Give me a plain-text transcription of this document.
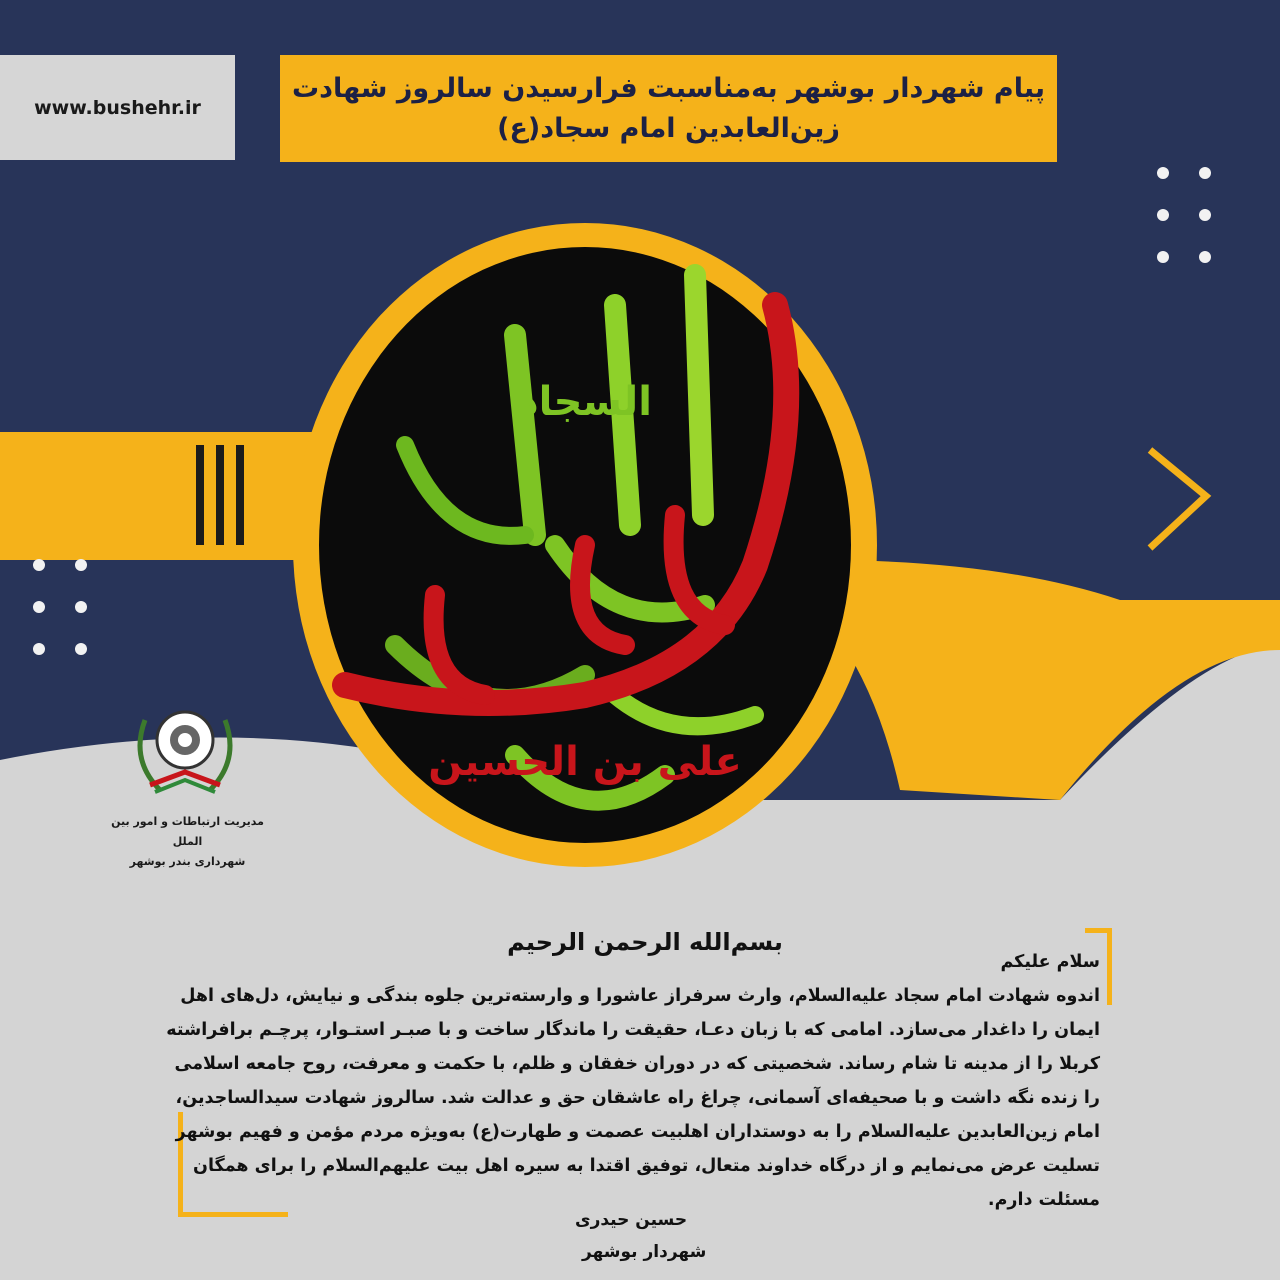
www.bushehr.ir
پیام شهردار بوشهر به‌مناسبت فرارسیدن سالروز شهادت
زین‌العابدین امام سجاد(ع)
السجاد
علی بن الحسین
مدیریت ارتباطات و امور بین الملل
شهرداری بندر بوشهر
بسم‌الله الرحمن الرحیم
سلام علیکم
اندوه شهادت امام سجاد علیه‌السلام، وارث سرفراز عاشورا و وارسته‌ترین جلوه بندگی و نیایش، دل‌های اهل
ایمان را داغدار می‌سازد. امامی که با زبان دعـا، حقیقت را ماندگار ساخت و با صبـر استـوار، پرچـم برافراشته
کربلا را از مدینه تا شام رساند. شخصیتی که در دوران خفقان و ظلم، با حکمت و معرفت، روح جامعه اسلامی
را زنده نگه داشت و با صحیفه‌ای آسمانی، چراغ راه عاشقان حق و عدالت شد. سالروز شهادت سیدالساجدین،
امام زین‌العابدین علیه‌السلام را به دوستداران اهلبیت عصمت و طهارت(ع) به‌ویژه مردم مؤمن و فهیم بوشهر
تسلیت عرض می‌نمایم و از درگاه خداوند متعال، توفیق اقتدا به سیره اهل بیت علیهم‌السلام را برای همگان
مسئلت دارم.
حسین حیدری
شهردار بوشهر
